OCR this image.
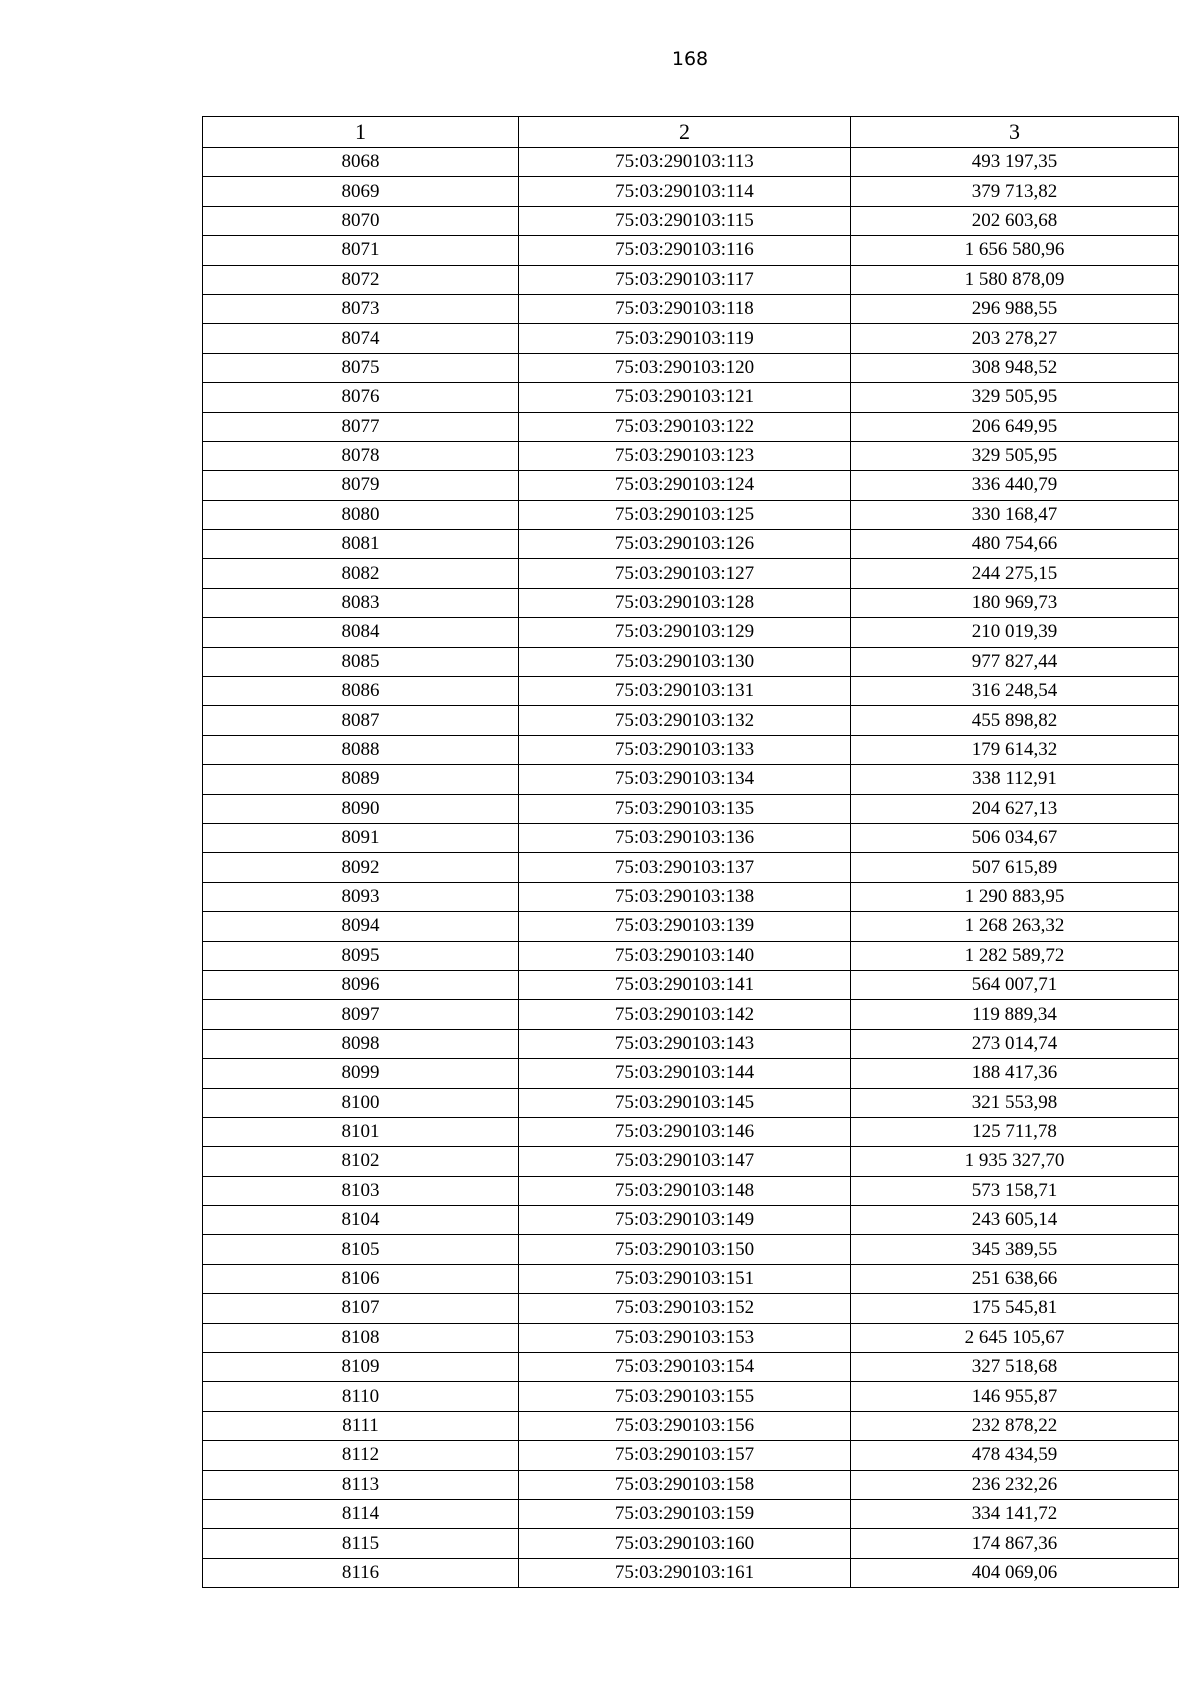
168
1	2	3
8068	75:03:290103:113	493 197,35
8069	75:03:290103:114	379 713,82
8070	75:03:290103:115	202 603,68
8071	75:03:290103:116	1 656 580,96
8072	75:03:290103:117	1 580 878,09
8073	75:03:290103:118	296 988,55
8074	75:03:290103:119	203 278,27
8075	75:03:290103:120	308 948,52
8076	75:03:290103:121	329 505,95
8077	75:03:290103:122	206 649,95
8078	75:03:290103:123	329 505,95
8079	75:03:290103:124	336 440,79
8080	75:03:290103:125	330 168,47
8081	75:03:290103:126	480 754,66
8082	75:03:290103:127	244 275,15
8083	75:03:290103:128	180 969,73
8084	75:03:290103:129	210 019,39
8085	75:03:290103:130	977 827,44
8086	75:03:290103:131	316 248,54
8087	75:03:290103:132	455 898,82
8088	75:03:290103:133	179 614,32
8089	75:03:290103:134	338 112,91
8090	75:03:290103:135	204 627,13
8091	75:03:290103:136	506 034,67
8092	75:03:290103:137	507 615,89
8093	75:03:290103:138	1 290 883,95
8094	75:03:290103:139	1 268 263,32
8095	75:03:290103:140	1 282 589,72
8096	75:03:290103:141	564 007,71
8097	75:03:290103:142	119 889,34
8098	75:03:290103:143	273 014,74
8099	75:03:290103:144	188 417,36
8100	75:03:290103:145	321 553,98
8101	75:03:290103:146	125 711,78
8102	75:03:290103:147	1 935 327,70
8103	75:03:290103:148	573 158,71
8104	75:03:290103:149	243 605,14
8105	75:03:290103:150	345 389,55
8106	75:03:290103:151	251 638,66
8107	75:03:290103:152	175 545,81
8108	75:03:290103:153	2 645 105,67
8109	75:03:290103:154	327 518,68
8110	75:03:290103:155	146 955,87
8111	75:03:290103:156	232 878,22
8112	75:03:290103:157	478 434,59
8113	75:03:290103:158	236 232,26
8114	75:03:290103:159	334 141,72
8115	75:03:290103:160	174 867,36
8116	75:03:290103:161	404 069,06
